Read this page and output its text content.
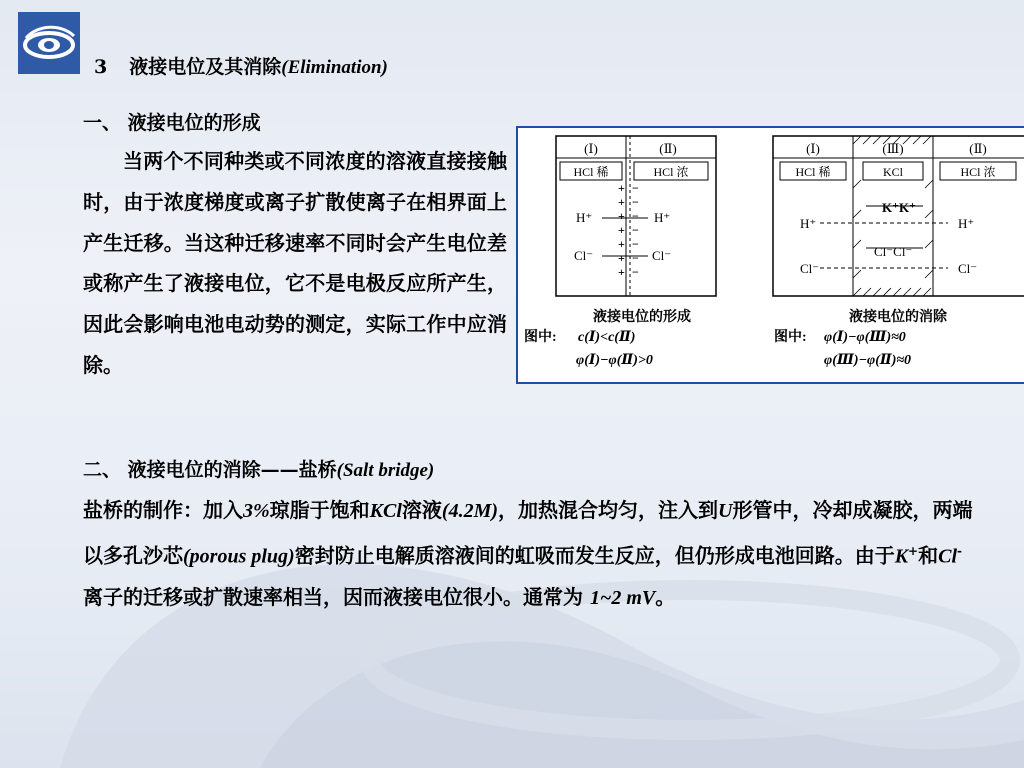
3 液接电位及其消除(Elimination)
一、 液接电位的形成

当两个不同种类或不同浓度的溶液直接接触时，由于浓度梯度或离子扩散使离子在相界面上产生迁移。当这种迁移速率不同时会产生电位差或称产生了液接电位，它不是电极反应所产生，因此会影响电池电动势的测定，实际工作中应消除。

(Ⅰ)	(Ⅱ)
HCl 稀	HCl 浓
+ −
+ −
+ −
+ −
+ −
+ −
+ −
H⁺	H⁺
Cl⁻	Cl⁻
液接电位的形成
图中: c(Ⅰ)<c(Ⅱ)
φ(Ⅰ)−φ(Ⅱ)>0
(Ⅰ)	(Ⅲ)	(Ⅱ)
HCl 稀	KCl	HCl 浓
K⁺K⁺
Cl⁻Cl⁻
H⁺	H⁺
Cl⁻	Cl⁻
液接电位的消除
图中: φ(Ⅰ)−φ(Ⅲ)≈0
φ(Ⅲ)−φ(Ⅱ)≈0
二、 液接电位的消除——盐桥(Salt bridge)

盐桥的制作：加入3%琼脂于饱和KCl溶液(4.2M)，加热混合均匀，注入到U形管中，冷却成凝胶，两端以多孔沙芯(porous plug)密封防止电解质溶液间的虹吸而发生反应，但仍形成电池回路。由于K+和Cl-离子的迁移或扩散速率相当，因而液接电位很小。通常为 1~2 mV。
